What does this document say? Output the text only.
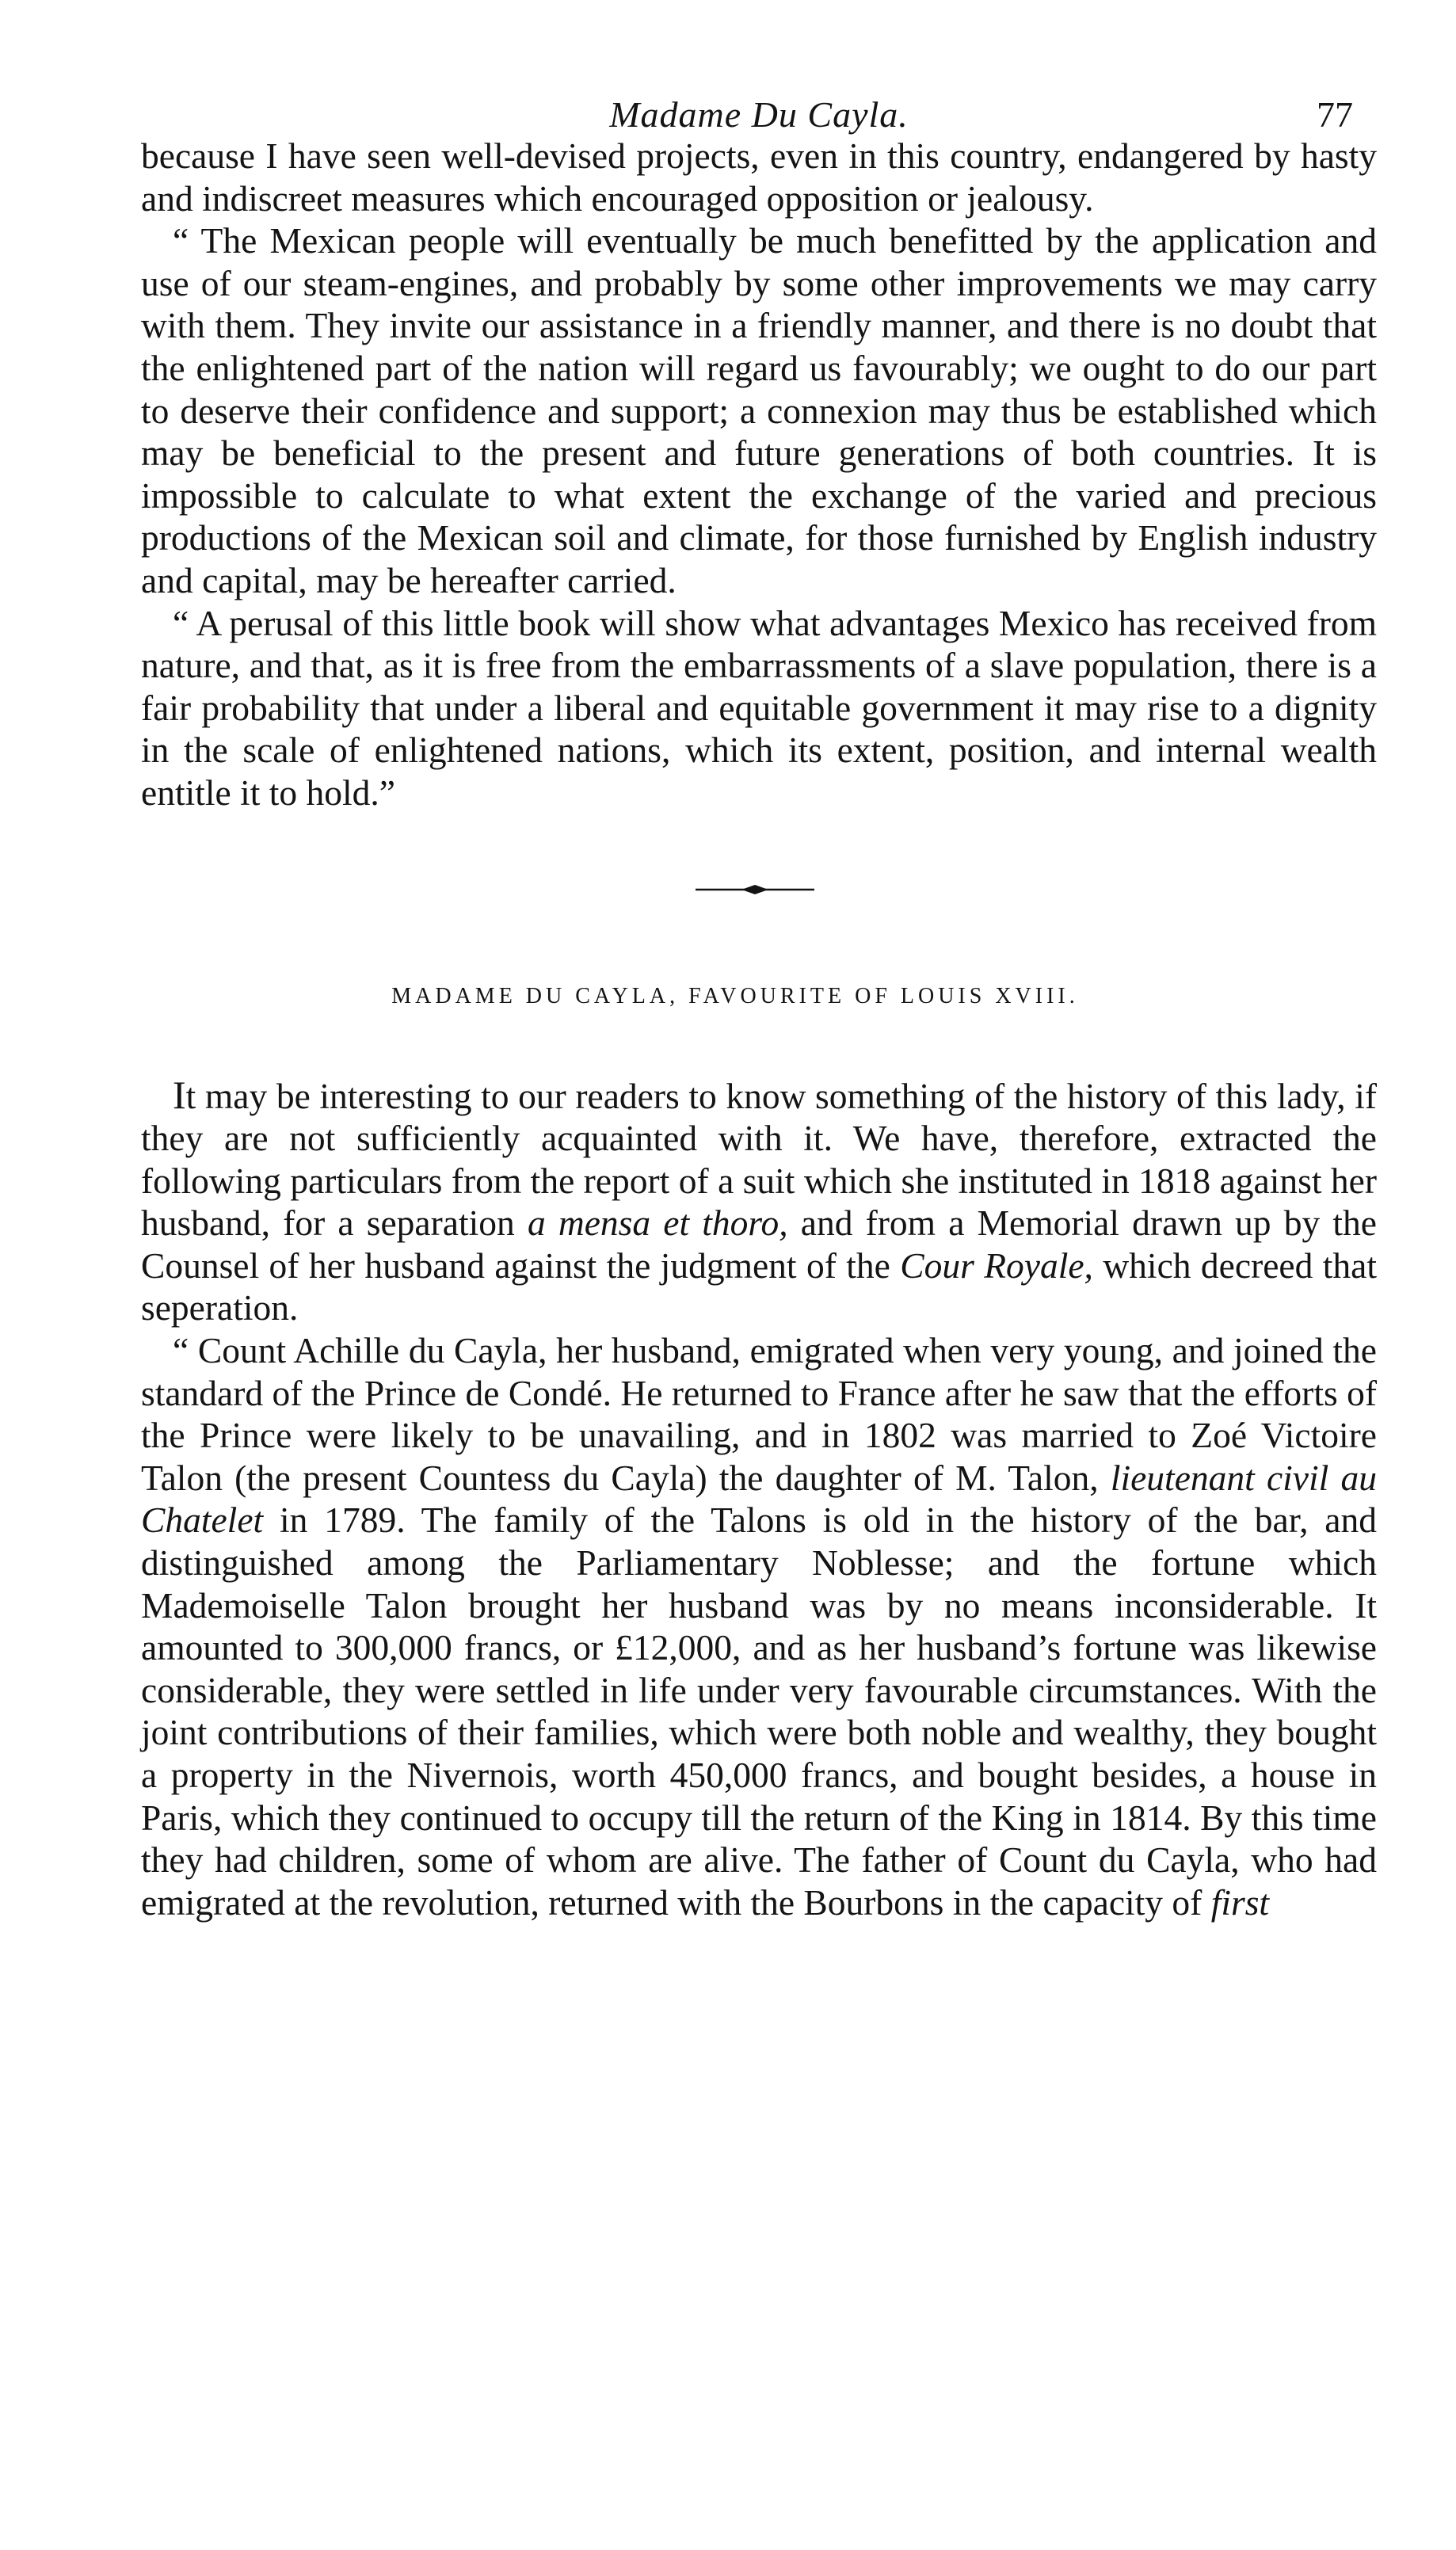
Madame Du Cayla.	77

because I have seen well-devised projects, even in this country, endangered by hasty and indiscreet measures which encouraged opposition or jealousy.

“ The Mexican people will eventually be much benefitted by the application and use of our steam-engines, and probably by some other improvements we may carry with them. They invite our assistance in a friendly manner, and there is no doubt that the enlightened part of the nation will regard us favourably; we ought to do our part to deserve their confidence and support; a connexion may thus be established which may be beneficial to the present and future generations of both countries. It is impossible to calculate to what extent the exchange of the varied and precious productions of the Mexican soil and climate, for those furnished by English industry and capital, may be hereafter carried.

“ A perusal of this little book will show what advantages Mexico has received from nature, and that, as it is free from the embarrassments of a slave population, there is a fair probability that under a liberal and equitable government it may rise to a dignity in the scale of enlightened nations, which its extent, position, and internal wealth entitle it to hold.”

MADAME DU CAYLA, FAVOURITE OF LOUIS XVIII.

It may be interesting to our readers to know something of the history of this lady, if they are not sufficiently acquainted with it. We have, therefore, extracted the following particulars from the report of a suit which she instituted in 1818 against her husband, for a separation a mensa et thoro, and from a Memorial drawn up by the Counsel of her husband against the judgment of the Cour Royale, which decreed that seperation.

“ Count Achille du Cayla, her husband, emigrated when very young, and joined the standard of the Prince de Condé. He returned to France after he saw that the efforts of the Prince were likely to be unavailing, and in 1802 was married to Zoé Victoire Talon (the present Countess du Cayla) the daughter of M. Talon, lieutenant civil au Chatelet in 1789. The family of the Talons is old in the history of the bar, and distinguished among the Parliamentary Noblesse; and the fortune which Mademoiselle Talon brought her husband was by no means inconsiderable. It amounted to 300,000 francs, or £12,000, and as her husband’s fortune was likewise considerable, they were settled in life under very favourable circumstances. With the joint contributions of their families, which were both noble and wealthy, they bought a property in the Nivernois, worth 450,000 francs, and bought besides, a house in Paris, which they continued to occupy till the return of the King in 1814. By this time they had children, some of whom are alive. The father of Count du Cayla, who had emigrated at the revolution, returned with the Bourbons in the capacity of first
